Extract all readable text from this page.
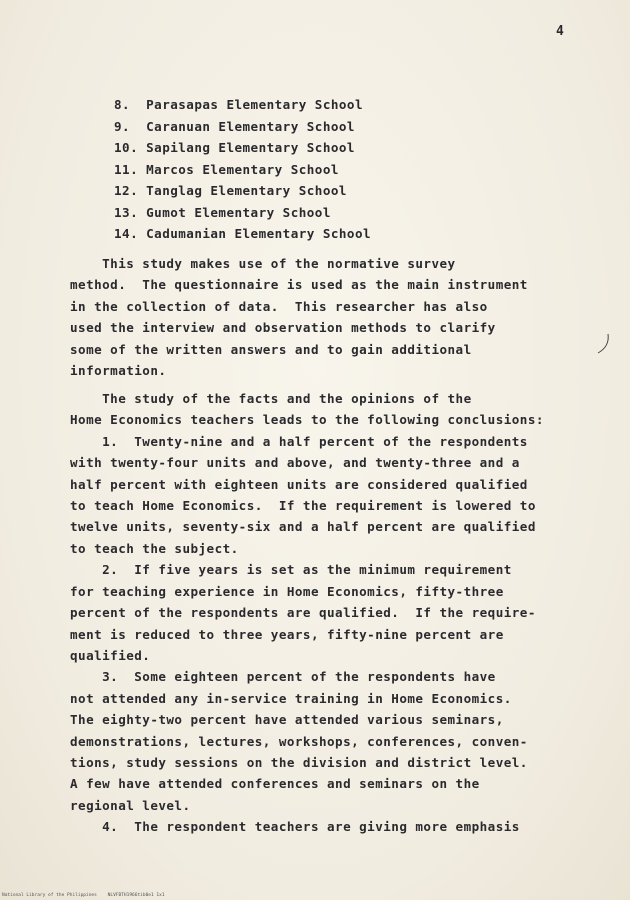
4
8.  Parasapas Elementary School
9.  Caranuan Elementary School
10. Sapilang Elementary School
11. Marcos Elementary School
12. Tanglag Elementary School
13. Gumot Elementary School
14. Cadumanian Elementary School
This study makes use of the normative survey
method.  The questionnaire is used as the main instrument
in the collection of data.  This researcher has also
used the interview and observation methods to clarify
some of the written answers and to gain additional
information.
The study of the facts and the opinions of the
Home Economics teachers leads to the following conclusions:
1.  Twenty-nine and a half percent of the respondents
with twenty-four units and above, and twenty-three and a
half percent with eighteen units are considered qualified
to teach Home Economics.  If the requirement is lowered to
twelve units, seventy-six and a half percent are qualified
to teach the subject.
2.  If five years is set as the minimum requirement
for teaching experience in Home Economics, fifty-three
percent of the respondents are qualified.  If the require-
ment is reduced to three years, fifty-nine percent are
qualified.
3.  Some eighteen percent of the respondents have
not attended any in-service training in Home Economics.
The eighty-two percent have attended various seminars,
demonstrations, lectures, workshops, conferences, conven-
tions, study sessions on the division and district level.
A few have attended conferences and seminars on the
regional level.
4.  The respondent teachers are giving more emphasis
National Library of the Philippines    NLVFBTH1966tib0e1 1x1
